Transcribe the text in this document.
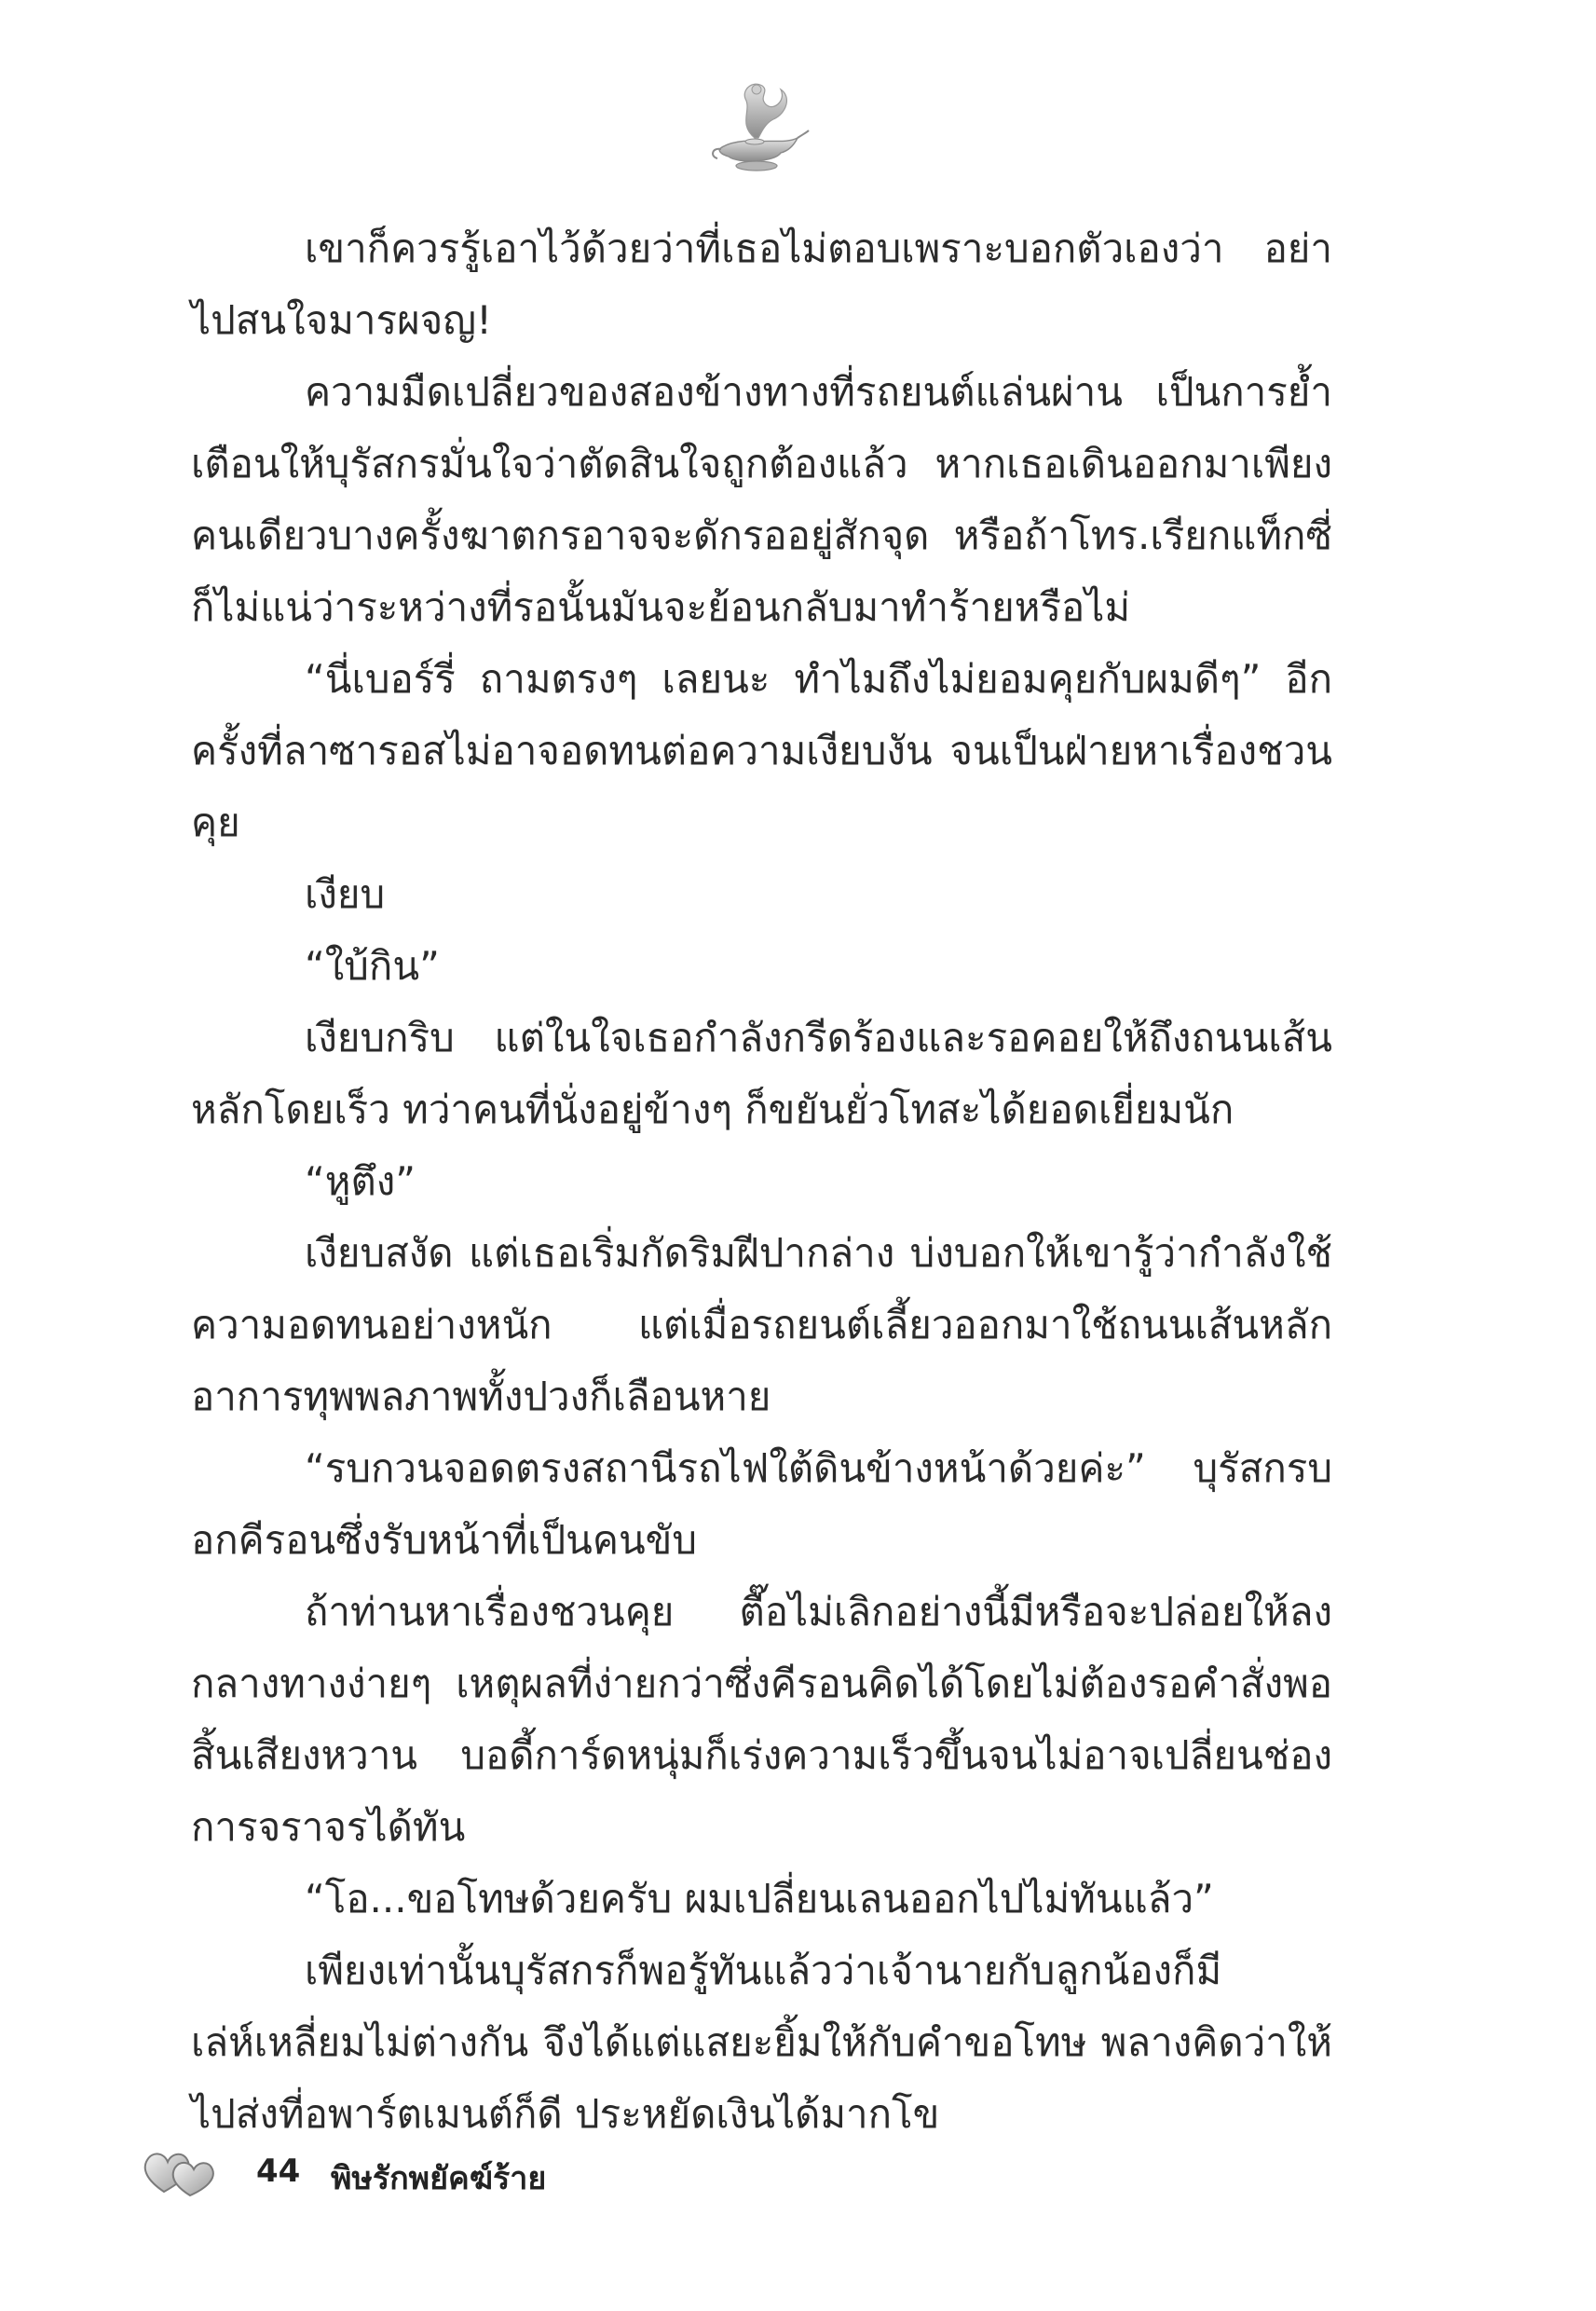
เขาก็ควรรู้เอาไว้ด้วยว่าที่เธอไม่ตอบเพราะบอกตัวเองว่า อย่าไปสนใจมารผจญ!

ความมืดเปลี่ยวของสองข้างทางที่รถยนต์แล่นผ่าน เป็นการย้ำเตือนให้บุรัสกรมั่นใจว่าตัดสินใจถูกต้องแล้ว หากเธอเดินออกมาเพียงคนเดียวบางครั้งฆาตกรอาจจะดักรออยู่สักจุด หรือถ้าโทร.เรียกแท็กซี่ก็ไม่แน่ว่าระหว่างที่รอนั้นมันจะย้อนกลับมาทำร้ายหรือไม่

“นี่เบอร์รี่ ถามตรงๆ เลยนะ ทำไมถึงไม่ยอมคุยกับผมดีๆ” อีกครั้งที่ลาซารอสไม่อาจอดทนต่อความเงียบงัน จนเป็นฝ่ายหาเรื่องชวนคุย

เงียบ

“ใบ้กิน”

เงียบกริบ แต่ในใจเธอกำลังกรีดร้องและรอคอยให้ถึงถนนเส้นหลักโดยเร็ว ทว่าคนที่นั่งอยู่ข้างๆ ก็ขยันยั่วโทสะได้ยอดเยี่ยมนัก

“หูตึง”

เงียบสงัด แต่เธอเริ่มกัดริมฝีปากล่าง บ่งบอกให้เขารู้ว่ากำลังใช้ความอดทนอย่างหนัก แต่เมื่อรถยนต์เลี้ยวออกมาใช้ถนนเส้นหลักอาการทุพพลภาพทั้งปวงก็เลือนหาย

“รบกวนจอดตรงสถานีรถไฟใต้ดินข้างหน้าด้วยค่ะ” บุรัสกรบอกคีรอนซึ่งรับหน้าที่เป็นคนขับ

ถ้าท่านหาเรื่องชวนคุย ตื๊อไม่เลิกอย่างนี้มีหรือจะปล่อยให้ลงกลางทางง่ายๆ เหตุผลที่ง่ายกว่าซึ่งคีรอนคิดได้โดยไม่ต้องรอคำสั่งพอสิ้นเสียงหวาน บอดี้การ์ดหนุ่มก็เร่งความเร็วขึ้นจนไม่อาจเปลี่ยนช่องการจราจรได้ทัน

“โอ...ขอโทษด้วยครับ ผมเปลี่ยนเลนออกไปไม่ทันแล้ว”

เพียงเท่านั้นบุรัสกรก็พอรู้ทันแล้วว่าเจ้านายกับลูกน้องก็มีเล่ห์เหลี่ยมไม่ต่างกัน จึงได้แต่แสยะยิ้มให้กับคำขอโทษ พลางคิดว่าให้ไปส่งที่อพาร์ตเมนต์ก็ดี ประหยัดเงินได้มากโข

44 พิษรักพยัคฆ์ร้าย
